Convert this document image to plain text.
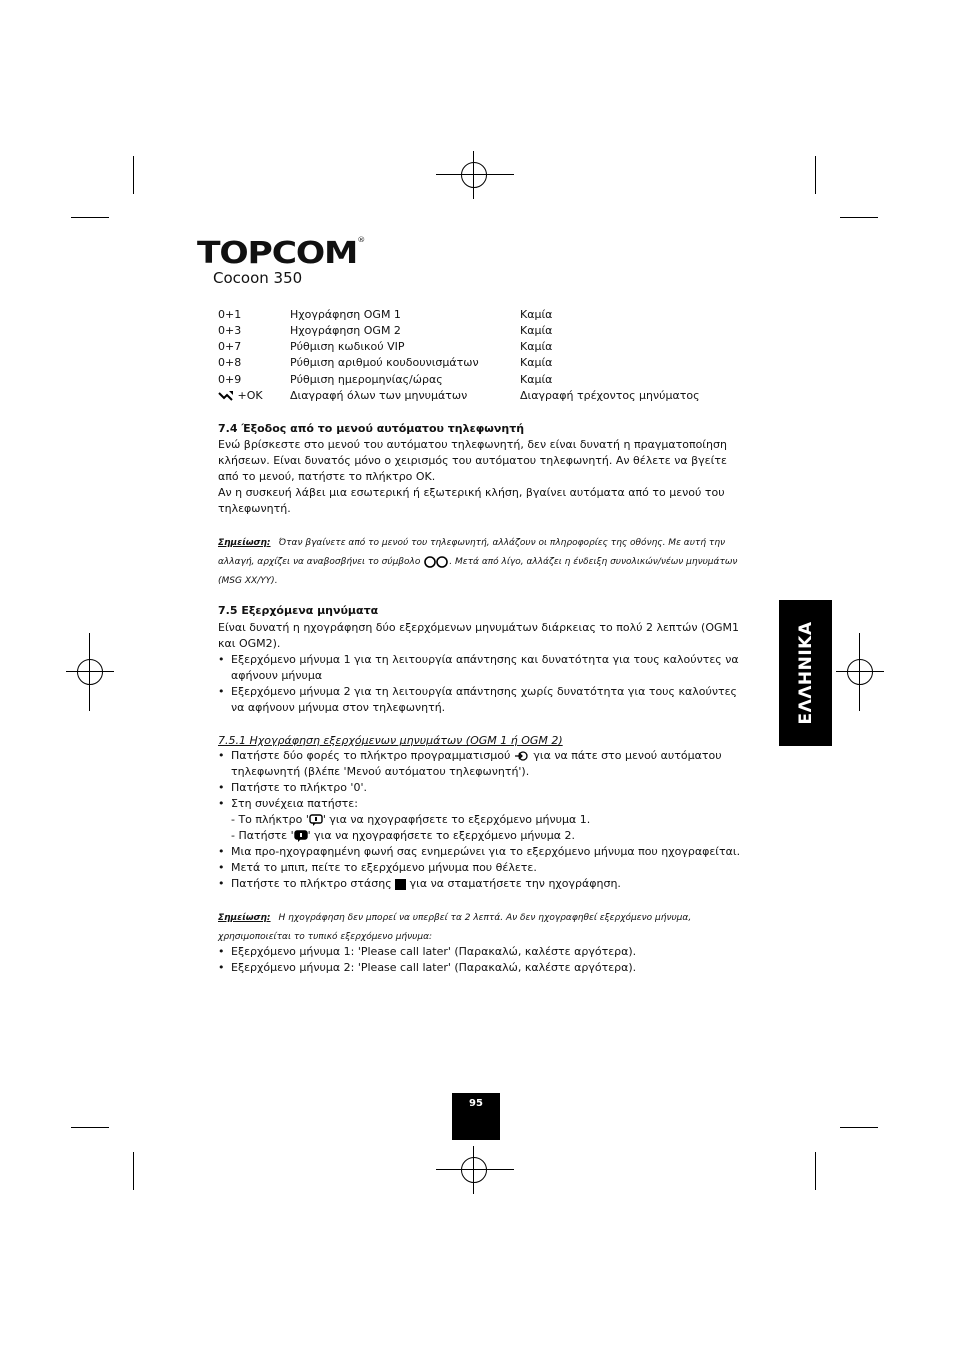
TOPCOM®
Cocoon 350
0+1	Ηχογράφηση OGM 1	Καμία
0+3	Ηχογράφηση OGM 2	Καμία
0+7	Ρύθμιση κωδικού VIP	Καμία
0+8	Ρύθμιση αριθμού κουδουνισμάτων	Καμία
0+9	Ρύθμιση ημερομηνίας/ώρας	Καμία
+OK Διαγραφή όλων των μηνυμάτων	Διαγραφή τρέχοντος μηνύματος
7.4 Έξοδος από το μενού αυτόματου τηλεφωνητή
Ενώ βρίσκεστε στο μενού του αυτόματου τηλεφωνητή, δεν είναι δυνατή η πραγματοποίηση κλήσεων. Είναι δυνατός μόνο ο χειρισμός του αυτόματου τηλεφωνητή. Αν θέλετε να βγείτε από το μενού, πατήστε το πλήκτρο OK.
Αν η συσκευή λάβει μια εσωτερική ή εξωτερική κλήση, βγαίνει αυτόματα από το μενού του τηλεφωνητή.
Σημείωση: Όταν βγαίνετε από το μενού του τηλεφωνητή, αλλάζουν οι πληροφορίες της οθόνης. Με αυτή την αλλαγή, αρχίζει να αναβοσβήνει το σύμβολο	. Μετά από λίγο, αλλάζει η ένδειξη συνολικών/νέων μηνυμάτων (MSG XX/YY).
7.5 Εξερχόμενα μηνύματα
Είναι δυνατή η ηχογράφηση δύο εξερχόμενων μηνυμάτων διάρκειας το πολύ 2 λεπτών (OGM1 και OGM2).
• Εξερχόμενο μήνυμα 1 για τη λειτουργία απάντησης και δυνατότητα για τους καλούντες να αφήνουν μήνυμα
• Εξερχόμενο μήνυμα 2 για τη λειτουργία απάντησης χωρίς δυνατότητα για τους καλούντες να αφήνουν μήνυμα στον τηλεφωνητή.
7.5.1 Ηχογράφηση εξερχόμενων μηνυμάτων (OGM 1 ή OGM 2)
• Πατήστε δύο φορές το πλήκτρο προγραμματισμού για να πάτε στο μενού αυτόματου τηλεφωνητή (βλέπε 'Μενού αυτόματου τηλεφωνητή').
• Πατήστε το πλήκτρο '0'.
• Στη συνέχεια πατήστε:
- Το πλήκτρο ' ' για να ηχογραφήσετε το εξερχόμενο μήνυμα 1.
- Πατήστε ' ' για να ηχογραφήσετε το εξερχόμενο μήνυμα 2.
• Μια προ-ηχογραφημένη φωνή σας ενημερώνει για το εξερχόμενο μήνυμα που ηχογραφείται.
• Μετά το μπιπ, πείτε το εξερχόμενο μήνυμα που θέλετε.
• Πατήστε το πλήκτρο στάσης για να σταματήσετε την ηχογράφηση.
Σημείωση: Η ηχογράφηση δεν μπορεί να υπερβεί τα 2 λεπτά. Αν δεν ηχογραφηθεί εξερχόμενο μήνυμα, χρησιμοποιείται το τυπικό εξερχόμενο μήνυμα:
• Εξερχόμενο μήνυμα 1: 'Please call later' (Παρακαλώ, καλέστε αργότερα).
• Εξερχόμενο μήνυμα 2: 'Please call later' (Παρακαλώ, καλέστε αργότερα).
ΕΛΛΗΝΙΚΑ
95
